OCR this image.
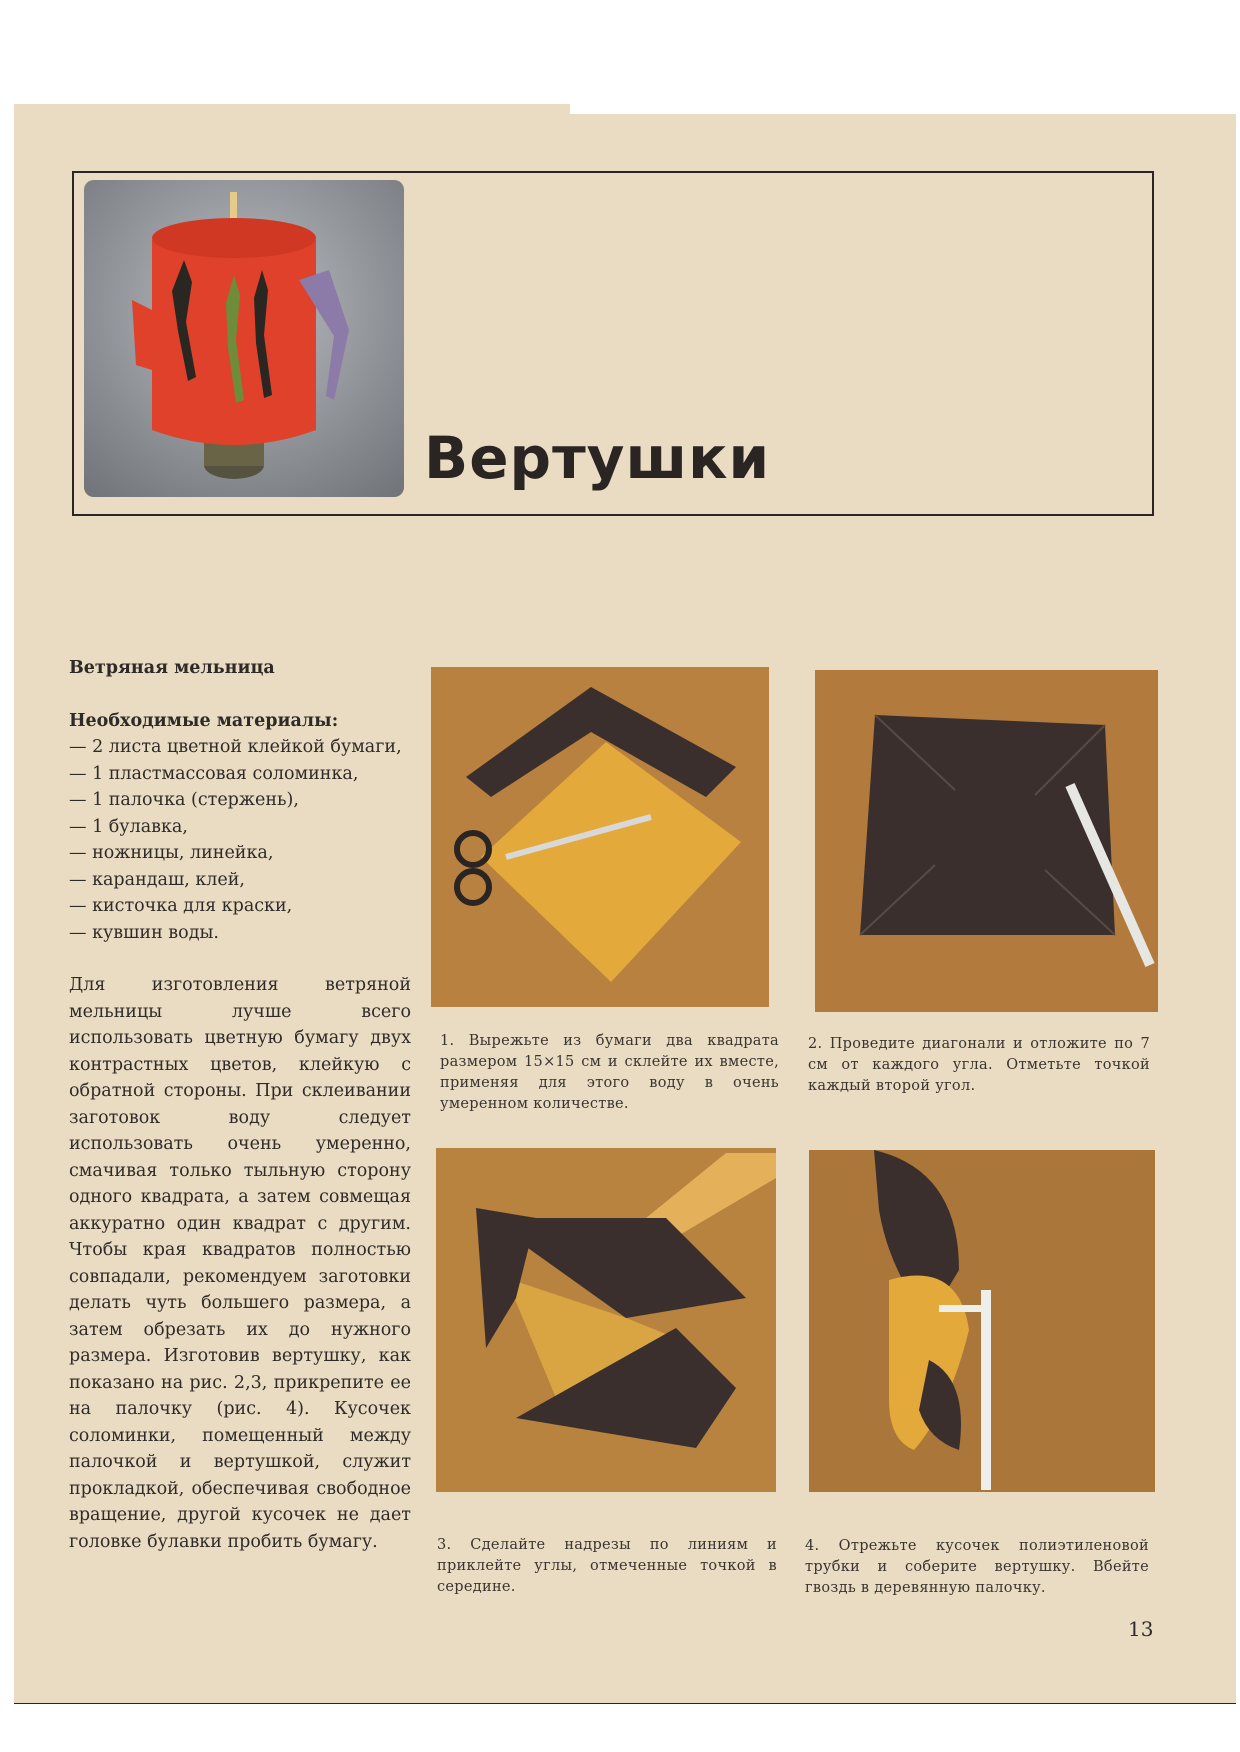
Вертушки

Ветряная мельница

Необходимые материалы:

— 2 листа цветной клейкой бумаги,
— 1 пластмассовая соломинка,
— 1 палочка (стержень),
— 1 булавка,
— ножницы, линейка,
— карандаш, клей,
— кисточка для краски,
— кувшин воды.

Для изготовления ветряной мельницы лучше всего использовать цветную бумагу двух контрастных цветов, клейкую с обратной стороны. При склеивании заготовок воду следует использовать очень умеренно, смачивая только тыльную сторону одного квадрата, а затем совмещая аккуратно один квадрат с другим. Чтобы края квадратов полностью совпадали, рекомендуем заготовки делать чуть большего размера, а затем обрезать их до нужного размера. Изготовив вертушку, как показано на рис. 2,3, прикрепите ее на палочку (рис. 4). Кусочек соломинки, помещенный между палочкой и вертушкой, служит прокладкой, обеспечивая свободное вращение, другой кусочек не дает головке булавки пробить бумагу.

1. Вырежьте из бумаги два квадрата размером 15×15 см и склейте их вместе, применяя для этого воду в очень умеренном количестве.
2. Проведите диагонали и отложите по 7 см от каждого угла. Отметьте точкой каждый второй угол.
3. Сделайте надрезы по линиям и приклейте углы, отмеченные точкой в середине.
4. Отрежьте кусочек полиэтиленовой трубки и соберите вертушку. Вбейте гвоздь в деревянную палочку.
13
